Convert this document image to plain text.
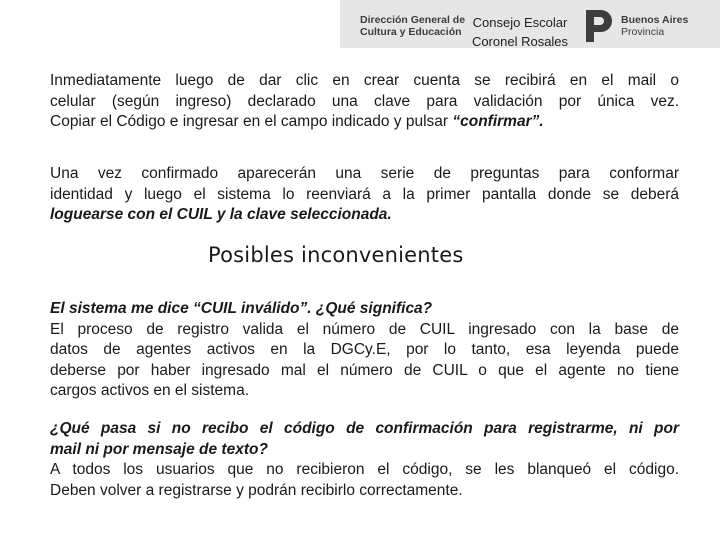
Dirección General de
Cultura y Educación
Consejo Escolar
Coronel Rosales
Buenos Aires
Provincia
Inmediatamente luego de dar clic en crear cuenta se recibirá en el mail o
celular (según ingreso) declarado una clave para validación por única vez.
Copiar el Código e ingresar en el campo indicado y pulsar “confirmar”.
Una vez confirmado aparecerán una serie de preguntas para conformar
identidad y luego el sistema lo reenviará a la primer pantalla donde se deberá
loguearse con el CUIL y la clave seleccionada.
Posibles inconvenientes
El sistema me dice “CUIL inválido”. ¿Qué significa?
El proceso de registro valida el número de CUIL ingresado con la base de
datos de agentes activos en la DGCy.E, por lo tanto, esa leyenda puede
deberse por haber ingresado mal el número de CUIL o que el agente no tiene
cargos activos en el sistema.
¿Qué pasa si no recibo el código de confirmación para registrarme, ni por
mail ni por mensaje de texto?
A todos los usuarios que no recibieron el código, se les blanqueó el código.
Deben volver a registrarse y podrán recibirlo correctamente.
